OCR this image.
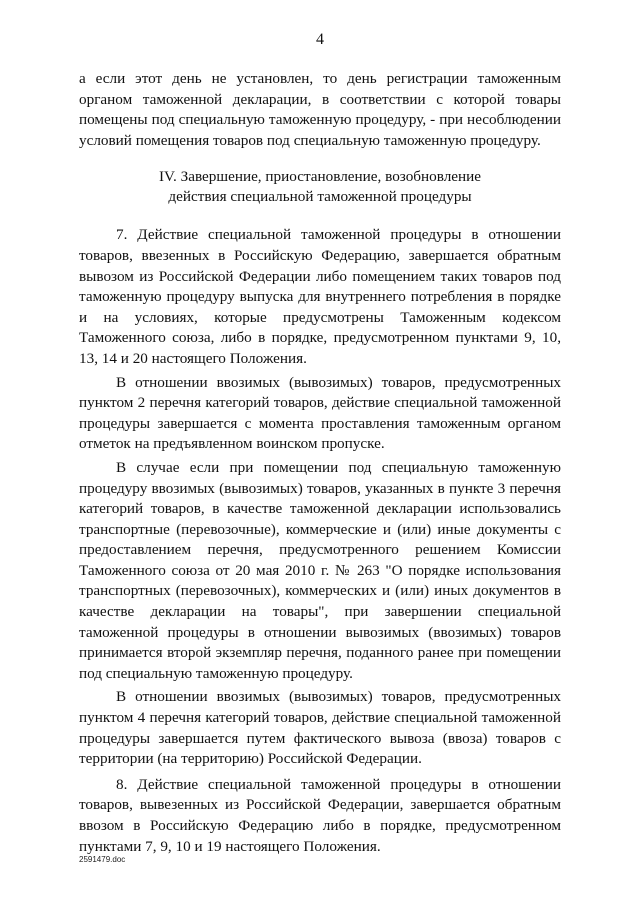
4

а если этот день не установлен, то день регистрации таможенным органом таможенной декларации, в соответствии с которой товары помещены под специальную таможенную процедуру, - при несоблюдении условий помещения товаров под специальную таможенную процедуру.

IV. Завершение, приостановление, возобновление
действия специальной таможенной процедуры

7. Действие специальной таможенной процедуры в отношении товаров, ввезенных в Российскую Федерацию, завершается обратным вывозом из Российской Федерации либо помещением таких товаров под таможенную процедуру выпуска для внутреннего потребления в порядке и на условиях, которые предусмотрены Таможенным кодексом Таможенного союза, либо в порядке, предусмотренном пунктами 9, 10, 13, 14 и 20 настоящего Положения.

В отношении ввозимых (вывозимых) товаров, предусмотренных пунктом 2 перечня категорий товаров, действие специальной таможенной процедуры завершается с момента проставления таможенным органом отметок на предъявленном воинском пропуске.

В случае если при помещении под специальную таможенную процедуру ввозимых (вывозимых) товаров, указанных в пункте 3 перечня категорий товаров, в качестве таможенной декларации использовались транспортные (перевозочные), коммерческие и (или) иные документы с предоставлением перечня, предусмотренного решением Комиссии Таможенного союза от 20 мая 2010 г. № 263 "О порядке использования транспортных (перевозочных), коммерческих и (или) иных документов в качестве декларации на товары", при завершении специальной таможенной процедуры в отношении вывозимых (ввозимых) товаров принимается второй экземпляр перечня, поданного ранее при помещении под специальную таможенную процедуру.

В отношении ввозимых (вывозимых) товаров, предусмотренных пунктом 4 перечня категорий товаров, действие специальной таможенной процедуры завершается путем фактического вывоза (ввоза) товаров с территории (на территорию) Российской Федерации.

8. Действие специальной таможенной процедуры в отношении товаров, вывезенных из Российской Федерации, завершается обратным ввозом в Российскую Федерацию либо в порядке, предусмотренном пунктами 7, 9, 10 и 19 настоящего Положения.

2591479.doc
